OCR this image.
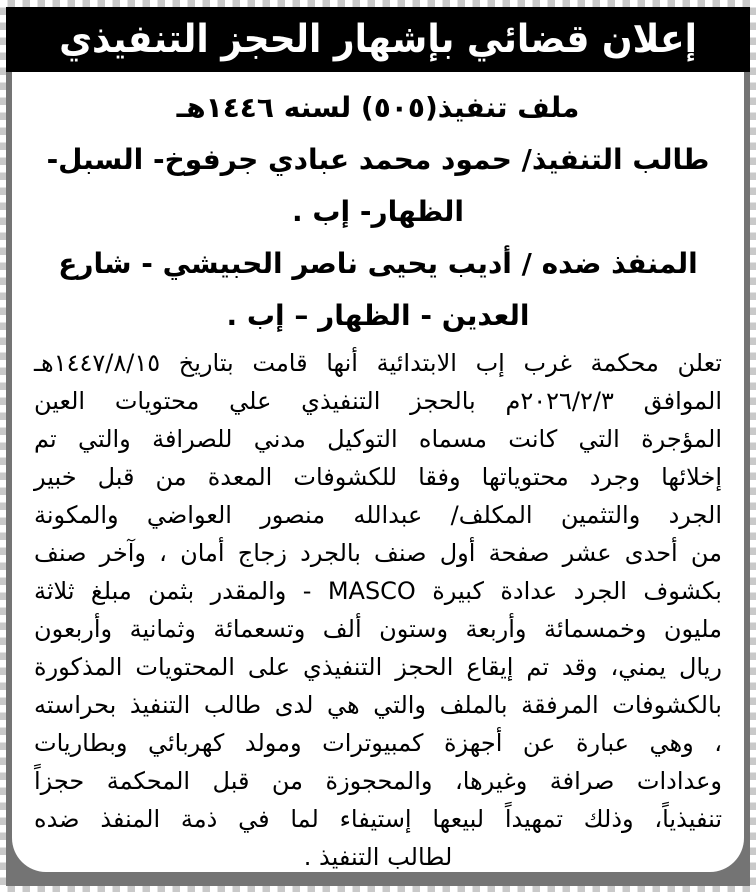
إعلان قضائي بإشهار الحجز التنفيذي
ملف تنفيذ(٥٠٥) لسنه ١٤٤٦هـ
طالب التنفيذ/ حمود محمد عبادي جرفوخ- السبل-
الظهار- إب .
المنفذ ضده / أديب يحيى ناصر الحبيشي - شارع
العدين - الظهار – إب .
تعلن محكمة غرب إب الابتدائية أنها قامت بتاريخ ١٤٤٧/٨/١٥هـ
الموافق ٢٠٢٦/٢/٣م بالحجز التنفيذي علي محتويات العين
المؤجرة التي كانت مسماه التوكيل مدني للصرافة والتي تم
إخلائها وجرد محتوياتها وفقا للكشوفات المعدة من قبل خبير
الجرد والتثمين المكلف/ عبدالله منصور العواضي والمكونة
من أحدى عشر صفحة أول صنف بالجرد زجاج أمان ، وآخر صنف
بكشوف الجرد عدادة كبيرة MASCO - والمقدر بثمن مبلغ ثلاثة
مليون وخمسمائة وأربعة وستون ألف وتسعمائة وثمانية وأربعون
ريال يمني، وقد تم إيقاع الحجز التنفيذي على المحتويات المذكورة
بالكشوفات المرفقة بالملف والتي هي لدى طالب التنفيذ بحراسته
، وهي عبارة عن أجهزة كمبيوترات ومولد كهربائي وبطاريات
وعدادات صرافة وغيرها، والمحجوزة من قبل المحكمة حجزاً
تنفيذياً، وذلك تمهيداً لبيعها إستيفاء لما في ذمة المنفذ ضده
لطالب التنفيذ .
